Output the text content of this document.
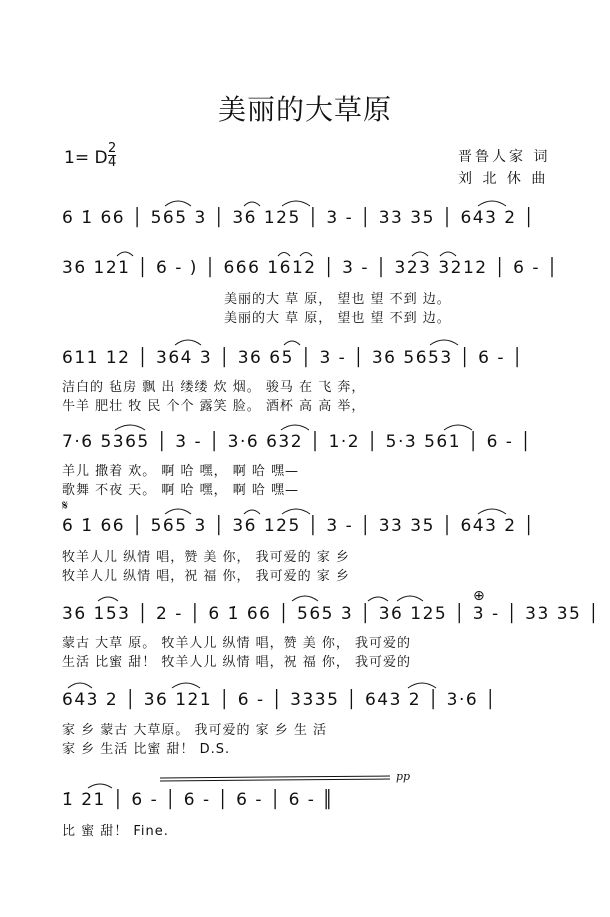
美丽的大草原
1= D $\frac{2}{4}$	晋鲁人家 词
刘 北 休 曲
6 1̇ 66 │ 565 3 │ 36 125 │ 3 - │ 33 35 │ 643 2 │
36 121 │ 6 - ) │ 666 1612 │ 3 - │ 323 3212 │ 6 - │
美丽的大 草 原， 望也 望 不到 边。
美丽的大 草 原， 望也 望 不到 边。
611 12 │ 364 3 │ 36 65 │ 3 - │ 36 5653 │ 6 - │
洁白的 毡房 飘 出 缕缕 炊 烟。 骏马 在 飞 奔，
牛羊 肥壮 牧 民 个个 露笑 脸。 酒杯 高 高 举，
7·6 5365 │ 3 - │ 3·6 632 │ 1·2 │ 5·3 561 │ 6 - │
羊儿 撒着 欢。 啊 哈 嘿， 啊 哈 嘿—
歌舞 不夜 天。 啊 哈 嘿， 啊 哈 嘿—
𝄋
6 1̇ 66 │ 565 3 │ 36 125 │ 3 - │ 33 35 │ 643 2 │
牧羊人儿 纵情 唱，赞 美 你， 我可爱的 家 乡
牧羊人儿 纵情 唱，祝 福 你， 我可爱的 家 乡
⊕
36 153 │ 2 - │ 6 1̇ 66 │ 565 3 │ 36 125 │ 3 - │ 33 35 │
蒙古 大草 原。 牧羊人儿 纵情 唱，赞 美 你， 我可爱的
生活 比蜜 甜！ 牧羊人儿 纵情 唱，祝 福 你， 我可爱的
643 2 │ 36 121 │ 6 - │ 3335 │ 643 2 │ 3·6 │
家 乡 蒙古 大草原。 我可爱的 家 乡 生 活
家 乡 生活 比蜜 甜！ D.S.
pp
1̇ 21 │ 6 - │ 6 - │ 6 - │ 6 - ║
比 蜜 甜！ Fine.
